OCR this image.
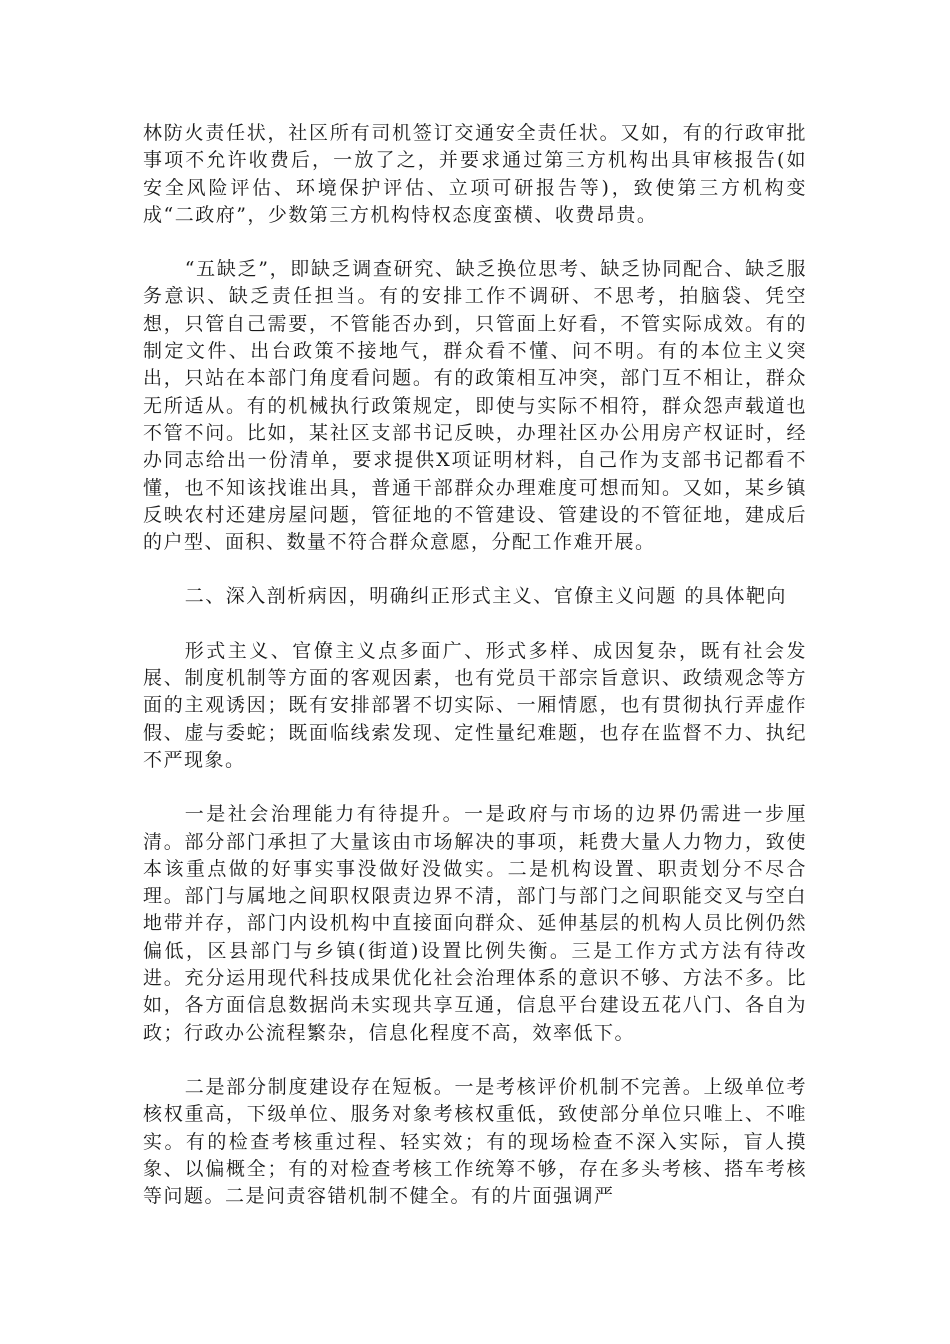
林防火责任状，社区所有司机签订交通安全责任状。又如，有的行政审批事项不允许收费后，一放了之，并要求通过第三方机构出具审核报告(如安全风险评估、环境保护评估、立项可研报告等)，致使第三方机构变成“二政府”，少数第三方机构恃权态度蛮横、收费昂贵。

“五缺乏”，即缺乏调查研究、缺乏换位思考、缺乏协同配合、缺乏服务意识、缺乏责任担当。有的安排工作不调研、不思考，拍脑袋、凭空想，只管自己需要，不管能否办到，只管面上好看，不管实际成效。有的制定文件、出台政策不接地气，群众看不懂、问不明。有的本位主义突出，只站在本部门角度看问题。有的政策相互冲突，部门互不相让，群众无所适从。有的机械执行政策规定，即使与实际不相符，群众怨声载道也不管不问。比如，某社区支部书记反映，办理社区办公用房产权证时，经办同志给出一份清单，要求提供X项证明材料，自己作为支部书记都看不懂，也不知该找谁出具，普通干部群众办理难度可想而知。又如，某乡镇反映农村还建房屋问题，管征地的不管建设、管建设的不管征地，建成后的户型、面积、数量不符合群众意愿，分配工作难开展。

二、深入剖析病因，明确纠正形式主义、官僚主义问题 的具体靶向

形式主义、官僚主义点多面广、形式多样、成因复杂，既有社会发展、制度机制等方面的客观因素，也有党员干部宗旨意识、政绩观念等方面的主观诱因；既有安排部署不切实际、一厢情愿，也有贯彻执行弄虚作假、虚与委蛇；既面临线索发现、定性量纪难题，也存在监督不力、执纪不严现象。

一是社会治理能力有待提升。一是政府与市场的边界仍需进一步厘清。部分部门承担了大量该由市场解决的事项，耗费大量人力物力，致使本该重点做的好事实事没做好没做实。二是机构设置、职责划分不尽合理。部门与属地之间职权限责边界不清，部门与部门之间职能交叉与空白地带并存，部门内设机构中直接面向群众、延伸基层的机构人员比例仍然偏低，区县部门与乡镇(街道)设置比例失衡。三是工作方式方法有待改进。充分运用现代科技成果优化社会治理体系的意识不够、方法不多。比如，各方面信息数据尚未实现共享互通，信息平台建设五花八门、各自为政；行政办公流程繁杂，信息化程度不高，效率低下。

二是部分制度建设存在短板。一是考核评价机制不完善。上级单位考核权重高，下级单位、服务对象考核权重低，致使部分单位只唯上、不唯实。有的检查考核重过程、轻实效；有的现场检查不深入实际，盲人摸象、以偏概全；有的对检查考核工作统筹不够，存在多头考核、搭车考核等问题。二是问责容错机制不健全。有的片面强调严
